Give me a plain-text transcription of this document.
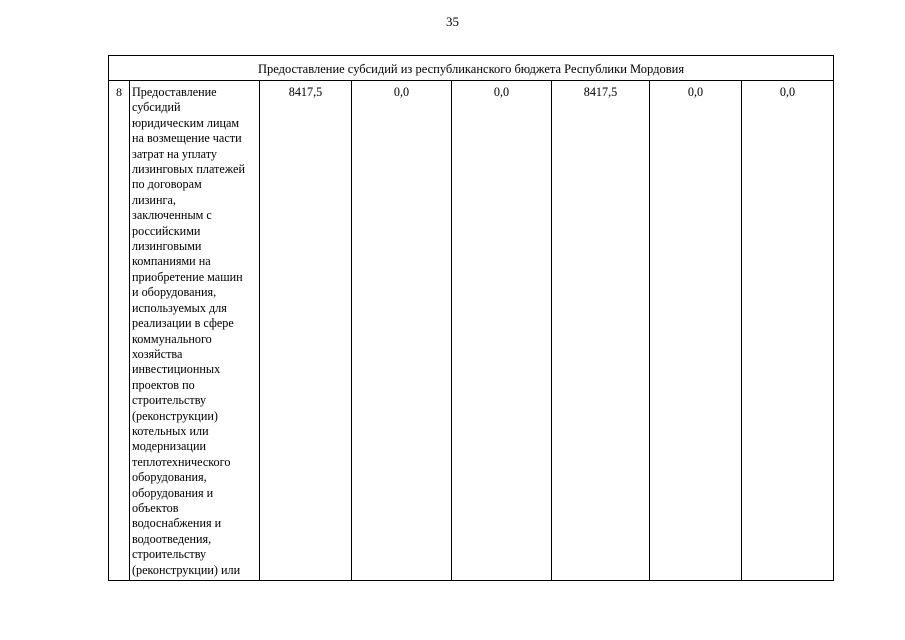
35
Предоставление субсидий из республиканского бюджета Республики Мордовия
8	Предоставление
субсидий
юридическим лицам
на возмещение части
затрат на уплату
лизинговых платежей
по договорам
лизинга,
заключенным с
российскими
лизинговыми
компаниями на
приобретение машин
и оборудования,
используемых для
реализации в сфере
коммунального
хозяйства
инвестиционных
проектов по
строительству
(реконструкции)
котельных или
модернизации
теплотехнического
оборудования,
оборудования и
объектов
водоснабжения и
водоотведения,
строительству
(реконструкции) или
	8417,5	0,0	0,0	8417,5	0,0	0,0
